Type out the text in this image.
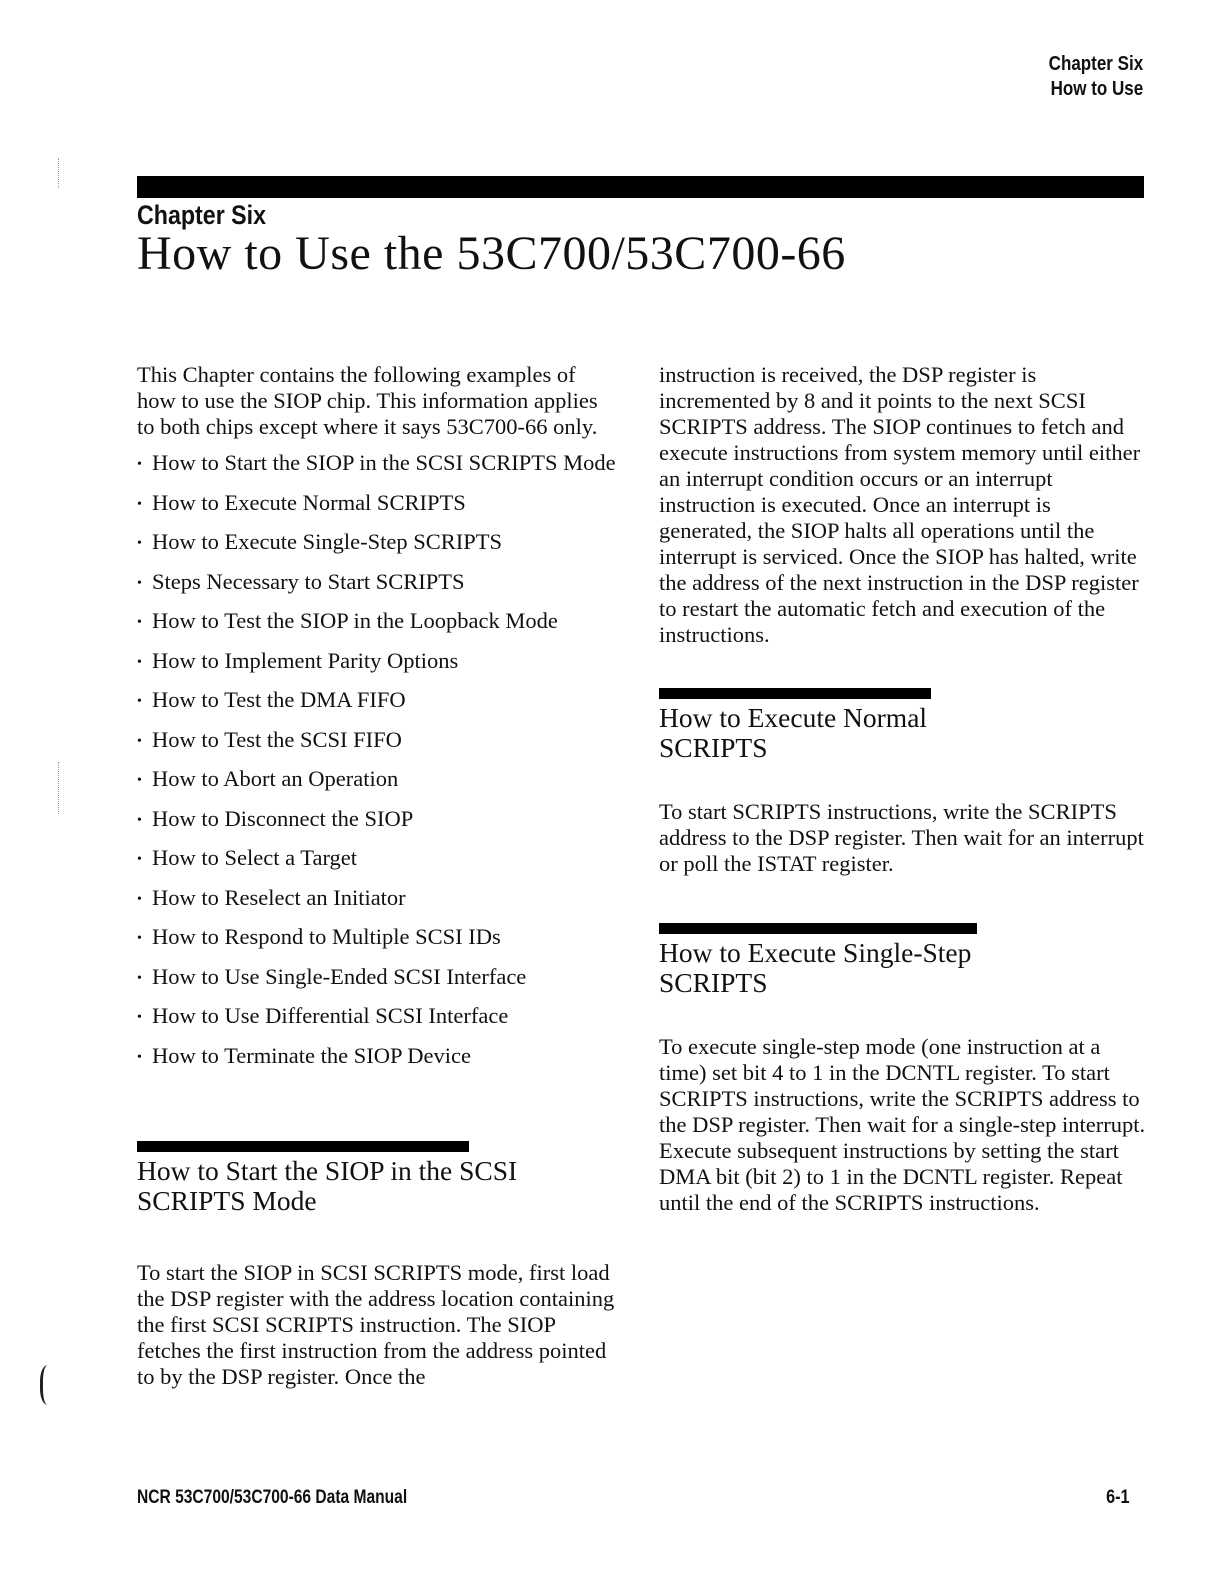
Chapter Six
How to Use
Chapter Six
How to Use the 53C700/53C700-66

This Chapter contains the following examples of how to use the SIOP chip. This information applies to both chips except where it says 53C700-66 only.

• How to Start the SIOP in the SCSI SCRIPTS Mode
• How to Execute Normal SCRIPTS
• How to Execute Single-Step SCRIPTS
• Steps Necessary to Start SCRIPTS
• How to Test the SIOP in the Loopback Mode
• How to Implement Parity Options
• How to Test the DMA FIFO
• How to Test the SCSI FIFO
• How to Abort an Operation
• How to Disconnect the SIOP
• How to Select a Target
• How to Reselect an Initiator
• How to Respond to Multiple SCSI IDs
• How to Use Single-Ended SCSI Interface
• How to Use Differential SCSI Interface
• How to Terminate the SIOP Device
How to Start the SIOP in the SCSI SCRIPTS Mode

To start the SIOP in SCSI SCRIPTS mode, first load the DSP register with the address location containing the first SCSI SCRIPTS instruction. The SIOP fetches the first instruction from the address pointed to by the DSP register. Once the

instruction is received, the DSP register is incremented by 8 and it points to the next SCSI SCRIPTS address. The SIOP continues to fetch and execute instructions from system memory until either an interrupt condition occurs or an interrupt instruction is executed. Once an interrupt is generated, the SIOP halts all operations until the interrupt is serviced. Once the SIOP has halted, write the address of the next instruction in the DSP register to restart the automatic fetch and execution of the instructions.

How to Execute Normal SCRIPTS

To start SCRIPTS instructions, write the SCRIPTS address to the DSP register. Then wait for an interrupt or poll the ISTAT register.

How to Execute Single-Step SCRIPTS

To execute single-step mode (one instruction at a time) set bit 4 to 1 in the DCNTL register. To start SCRIPTS instructions, write the SCRIPTS address to the DSP register. Then wait for a single-step interrupt. Execute subsequent instructions by setting the start DMA bit (bit 2) to 1 in the DCNTL register. Repeat until the end of the SCRIPTS instructions.

NCR 53C700/53C700-66 Data Manual	6-1
